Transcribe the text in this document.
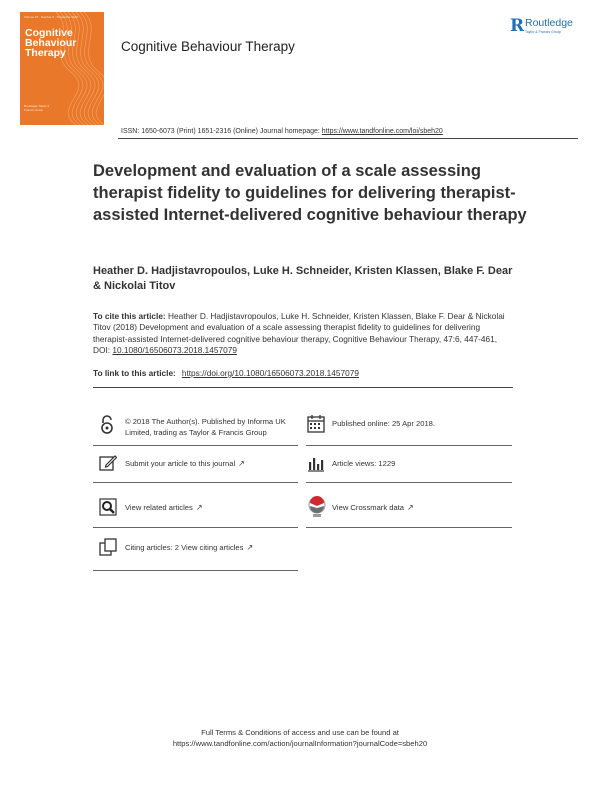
Volume 47 · Number 6 · November 2018
Cognitive Behaviour Therapy
Routledge Taylor & Francis Group
Cognitive Behaviour Therapy
R Routledge
Taylor & Francis Group
ISSN: 1650-6073 (Print) 1651-2316 (Online) Journal homepage: https://www.tandfonline.com/loi/sbeh20
Development and evaluation of a scale assessing therapist fidelity to guidelines for delivering therapist-assisted Internet-delivered cognitive behaviour therapy
Heather D. Hadjistavropoulos, Luke H. Schneider, Kristen Klassen, Blake F. Dear & Nickolai Titov
To cite this article: Heather D. Hadjistavropoulos, Luke H. Schneider, Kristen Klassen, Blake F. Dear & Nickolai Titov (2018) Development and evaluation of a scale assessing therapist fidelity to guidelines for delivering therapist-assisted Internet-delivered cognitive behaviour therapy, Cognitive Behaviour Therapy, 47:6, 447-461, DOI: 10.1080/16506073.2018.1457079
To link to this article: https://doi.org/10.1080/16506073.2018.1457079
© 2018 The Author(s). Published by Informa UK Limited, trading as Taylor & Francis Group
Published online: 25 Apr 2018.
Submit your article to this journal ↗	Article views: 1229
View related articles ↗	View Crossmark data ↗
Citing articles: 2 View citing articles ↗
Full Terms & Conditions of access and use can be found at
https://www.tandfonline.com/action/journalInformation?journalCode=sbeh20
